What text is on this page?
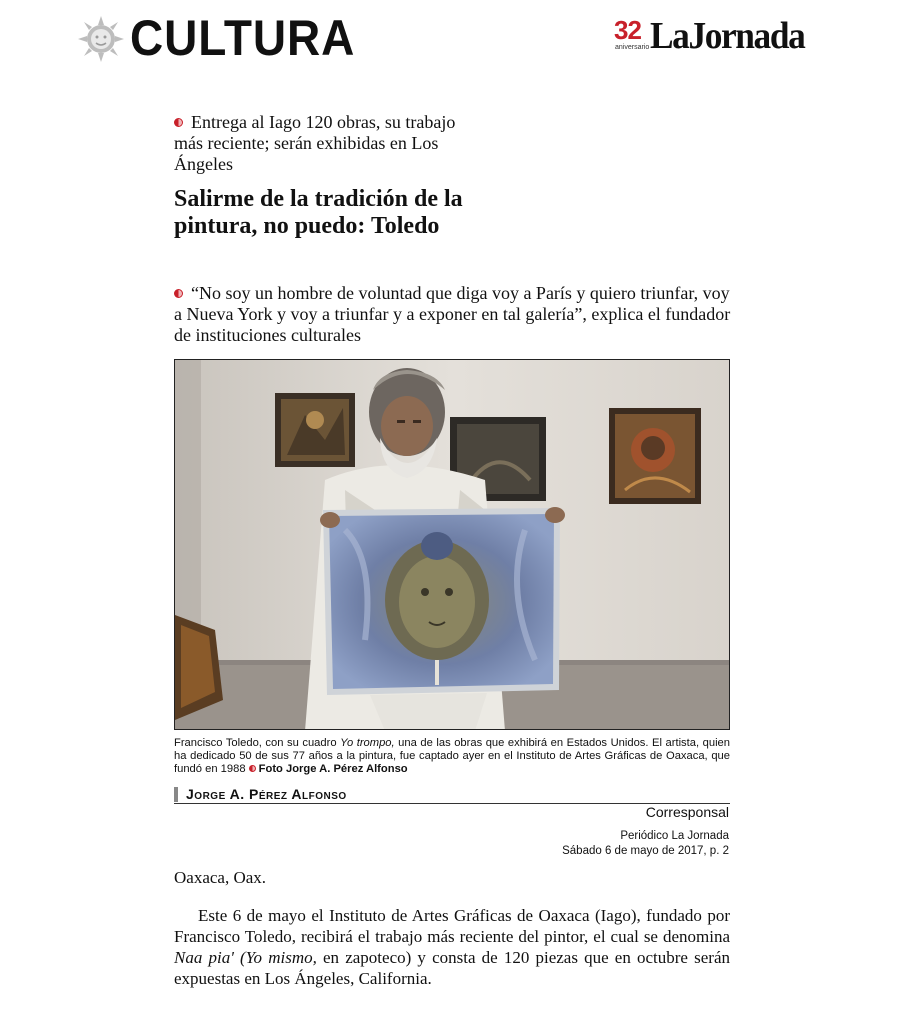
CULTURA	32
aniversario LaJornada
Entrega al Iago 120 obras, su trabajo más reciente; serán exhibidas en Los Ángeles
Salirme de la tradición de la pintura, no puedo: Toledo
“No soy un hombre de voluntad que diga voy a París y quiero triunfar, voy a Nueva York y voy a triunfar y a exponer en tal galería”, explica el fundador de instituciones culturales
Francisco Toledo, con su cuadro Yo trompo, una de las obras que exhibirá en Estados Unidos. El artista, quien ha dedicado 50 de sus 77 años a la pintura, fue captado ayer en el Instituto de Artes Gráficas de Oaxaca, que fundó en 1988 Foto Jorge A. Pérez Alfonso
Jorge A. Pérez Alfonso
Corresponsal
Periódico La Jornada
Sábado 6 de mayo de 2017, p. 2
Oaxaca, Oax.

Este 6 de mayo el Instituto de Artes Gráficas de Oaxaca (Iago), fundado por Francisco Toledo, recibirá el trabajo más reciente del pintor, el cual se denomina Naa pia' (Yo mismo, en zapoteco) y consta de 120 piezas que en octubre serán expuestas en Los Ángeles, California.
